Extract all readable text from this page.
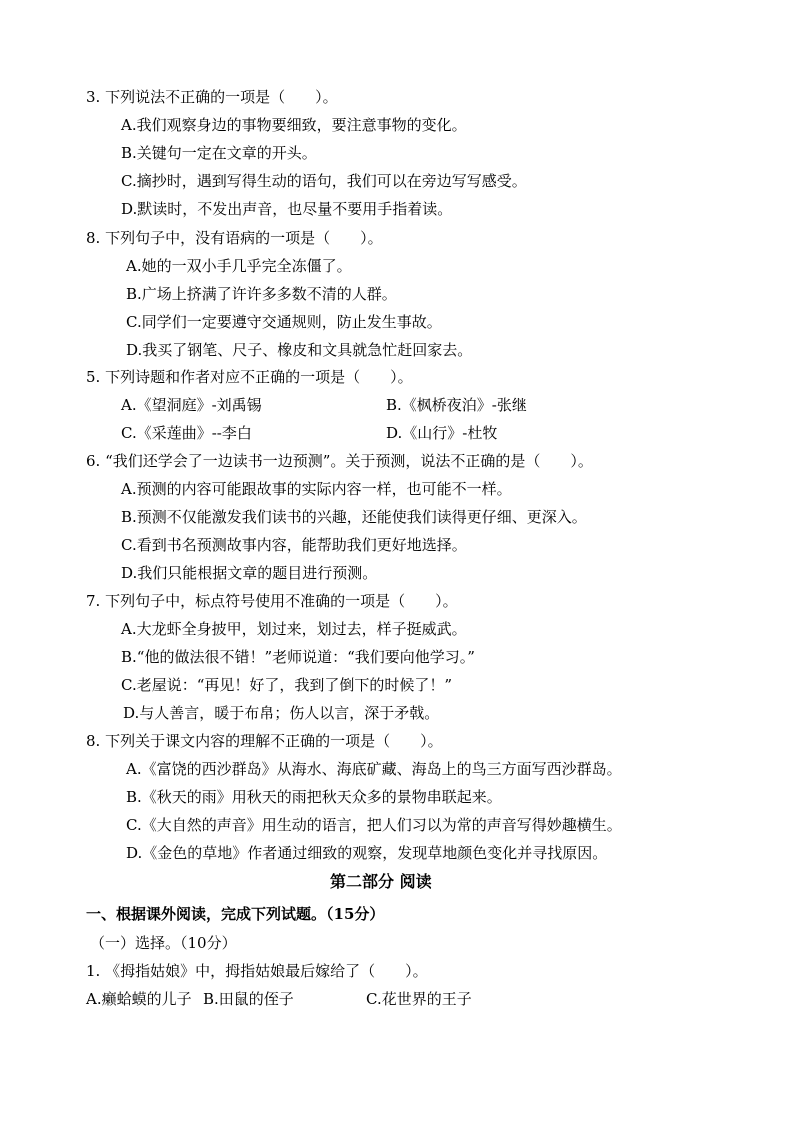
3. 下列说法不正确的一项是（　　）。
A.我们观察身边的事物要细致，要注意事物的变化。
B.关键句一定在文章的开头。
C.摘抄时，遇到写得生动的语句，我们可以在旁边写写感受。
D.默读时，不发出声音，也尽量不要用手指着读。
8. 下列句子中，没有语病的一项是（　　）。
A.她的一双小手几乎完全冻僵了。
B.广场上挤满了许许多多数不清的人群。
C.同学们一定要遵守交通规则，防止发生事故。
D.我买了钢笔、尺子、橡皮和文具就急忙赶回家去。
5. 下列诗题和作者对应不正确的一项是（　　）。
A.《望洞庭》-刘禹锡	B.《枫桥夜泊》-张继
C.《采莲曲》--李白	D.《山行》-杜牧
6. “我们还学会了一边读书一边预测”。关于预测，说法不正确的是（　　）。
A.预测的内容可能跟故事的实际内容一样，也可能不一样。
B.预测不仅能激发我们读书的兴趣，还能使我们读得更仔细、更深入。
C.看到书名预测故事内容，能帮助我们更好地选择。
D.我们只能根据文章的题目进行预测。
7. 下列句子中，标点符号使用不准确的一项是（　　）。
A.大龙虾全身披甲，划过来，划过去，样子挺威武。
B.“他的做法很不错！”老师说道：“我们要向他学习。”
C.老屋说：“再见！好了，我到了倒下的时候了！”
D.与人善言，暖于布帛；伤人以言，深于矛戟。
8. 下列关于课文内容的理解不正确的一项是（　　）。
A.《富饶的西沙群岛》从海水、海底矿藏、海岛上的鸟三方面写西沙群岛。
B.《秋天的雨》用秋天的雨把秋天众多的景物串联起来。
C.《大自然的声音》用生动的语言，把人们习以为常的声音写得妙趣横生。
D.《金色的草地》作者通过细致的观察，发现草地颜色变化并寻找原因。
第二部分 阅读
一、根据课外阅读，完成下列试题。（15分）
（一）选择。（10分）
1. 《拇指姑娘》中，拇指姑娘最后嫁给了（　　）。
A.癞蛤蟆的儿子 B.田鼠的侄子	C.花世界的王子
